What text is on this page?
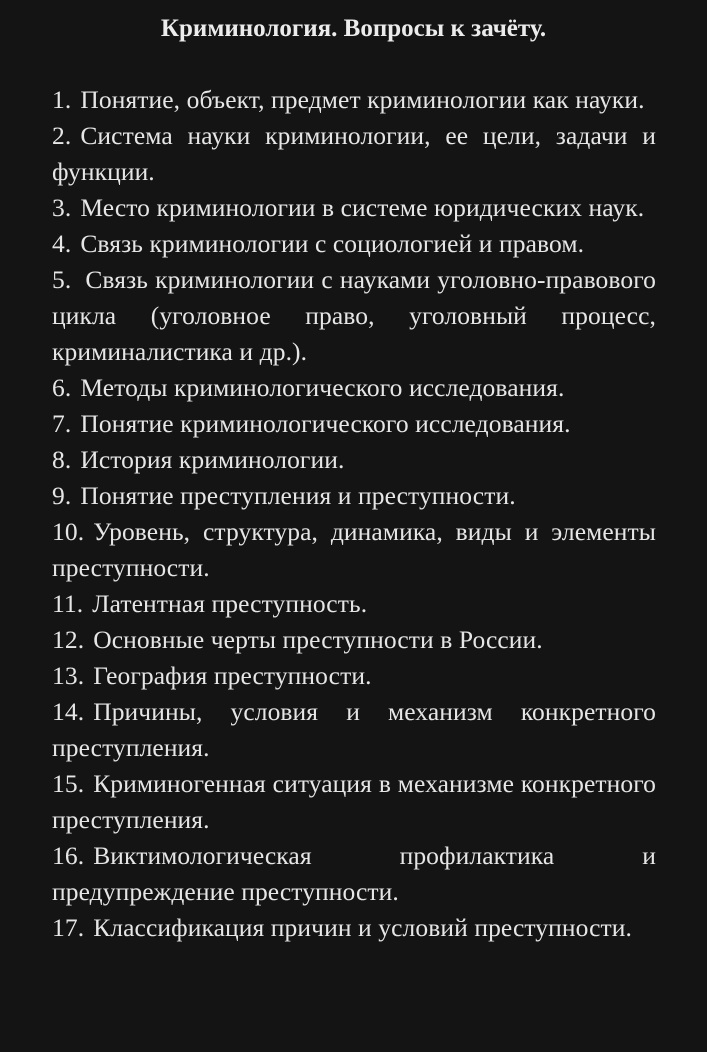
Криминология. Вопросы к зачёту.
1. Понятие, объект, предмет криминологии как науки.
2. Система науки криминологии, ее цели, задачи и функции.
3. Место криминологии в системе юридических наук.
4. Связь криминологии с социологией и правом.
5. Связь криминологии с науками уголовно-правового цикла (уголовное право, уголовный процесс, криминалистика и др.).
6. Методы криминологического исследования.
7. Понятие криминологического исследования.
8. История криминологии.
9. Понятие преступления и преступности.
10. Уровень, структура, динамика, виды и элементы преступности.
11. Латентная преступность.
12. Основные черты преступности в России.
13. География преступности.
14. Причины, условия и механизм конкретного преступления.
15. Криминогенная ситуация в механизме конкретного преступления.
16. Виктимологическая профилактика и предупреждение преступности.
17. Классификация причин и условий преступности.
